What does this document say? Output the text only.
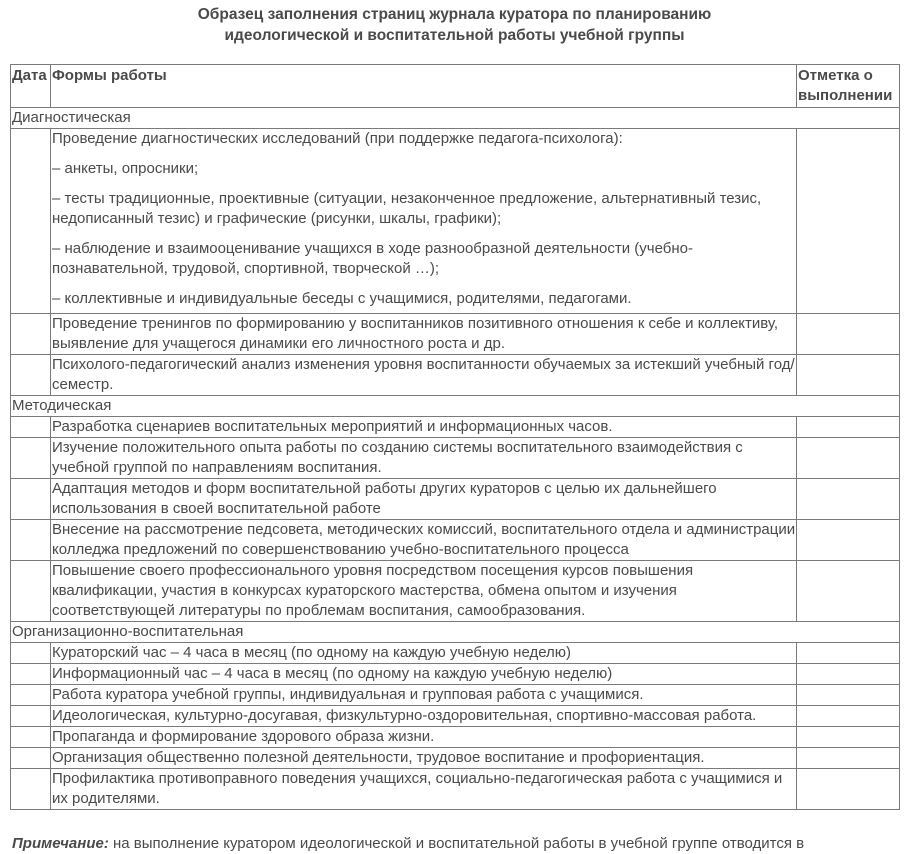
Образец заполнения страниц журнала куратора по планированию
идеологической и воспитательной работы учебной группы
Дата	Формы работы	Отметка о выполнении
Диагностическая		

	Проведение диагностических исследований (при поддержке педагога-психолога):
– анкеты, опросники;
– тесты традиционные, проективные (ситуации, незаконченное предложение, альтернативный тезис, недописанный тезис) и графические (рисунки, шкалы, графики);
– наблюдение и взаимооценивание учащихся в ходе разнообразной деятельности (учебно-познавательной, трудовой, спортивной, творческой …);
– коллективные и индивидуальные беседы с учащимися, родителями, педагогами.	

	Проведение тренингов по формированию у воспитанников позитивного отношения к себе и коллективу, выявление для учащегося динамики его личностного роста и др.	

	Психолого-педагогический анализ изменения уровня воспитанности обучаемых за истекший учебный год/семестр.	

Методическая		

	Разработка сценариев воспитательных мероприятий и информационных часов.	

	Изучение положительного опыта работы по созданию системы воспитательного взаимодействия с учебной группой по направлениям воспитания.	

	Адаптация методов и форм воспитательной работы других кураторов с целью их дальнейшего использования в своей воспитательной работе	

	Внесение на рассмотрение педсовета, методических комиссий, воспитательного отдела и администрации колледжа предложений по совершенствованию учебно-воспитательного процесса	

	Повышение своего профессионального уровня посредством посещения курсов повышения квалификации, участия в конкурсах кураторского мастерства, обмена опытом и изучения соответствующей литературы по проблемам воспитания, самообразования.	

Организационно-воспитательная		

	Кураторский час – 4 часа в месяц (по одному на каждую учебную неделю)	

	Информационный час – 4 часа в месяц (по одному на каждую учебную неделю)	

	Работа куратора учебной группы, индивидуальная и групповая работа с учащимися.	

	Идеологическая, культурно-досугавая, физкультурно-оздоровительная, спортивно-массовая работа.	

	Пропаганда и формирование здорового образа жизни.	

	Организация общественно полезной деятельности, трудовое воспитание и профориентация.	

	Профилактика противоправного поведения учащихся, социально-педагогическая работа с учащимися и их родителями.	

Примечание: на выполнение куратором идеологической и воспитательной работы в учебной группе отводится в
